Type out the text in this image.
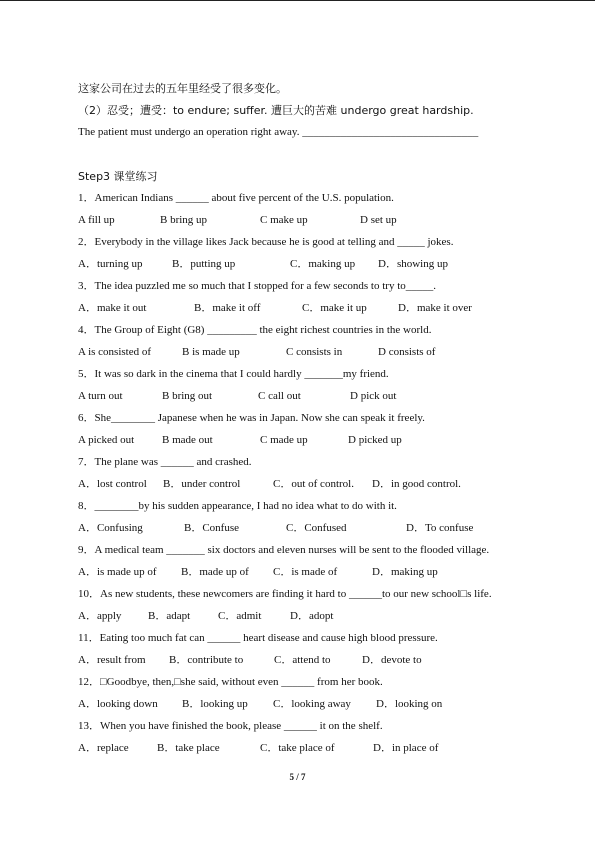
这家公司在过去的五年里经受了很多变化。
（2）忍受；遭受：to endure; suffer. 遭巨大的苦难 undergo great hardship.
The patient must undergo an operation right away. ________________________________
Step3 课堂练习
1．American Indians ______ about five percent of the U.S. population.
A fill up	B bring up	C make up	D set up
2．Everybody in the village likes Jack because he is good at telling and _____ jokes.
A．turning up	B．putting up	C．making up D．showing up
3．The idea puzzled me so much that I stopped for a few seconds to try to_____.
A．make it out	B．make it off	C．make it up	D．make it over
4．The Group of Eight (G8) _________ the eight richest countries in the world.
A is consisted of	B is made up	C consists in	D consists of
5．It was so dark in the cinema that I could hardly _______my friend.
A turn out	B bring out	C call out	D pick out
6．She________ Japanese when he was in Japan. Now she can speak it freely.
A picked out	B made out	C made up	D picked up
7．The plane was ______ and crashed.
A．lost control B．under control	C．out of control. D．in good control.
8．________by his sudden appearance, I had no idea what to do with it.
A．Confusing	B．Confuse	C．Confused	D．To confuse
9．A medical team _______ six doctors and eleven nurses will be sent to the flooded village.
A．is made up of B．made up of C．is made of	D．making up
10．As new students, these newcomers are finding it hard to ______to our new school□s life.
A．apply B．adapt	C．admit	D．adopt
11．Eating too much fat can ______ heart disease and cause high blood pressure.
A．result from B．contribute to	C．attend to	D．devote to
12．□Goodbye, then,□she said, without even ______ from her book.
A．looking down B．looking up C．looking away D．looking on
13．When you have finished the book, please ______ it on the shelf.
A．replace	B．take place	C．take place of	D．in place of
5 / 7
